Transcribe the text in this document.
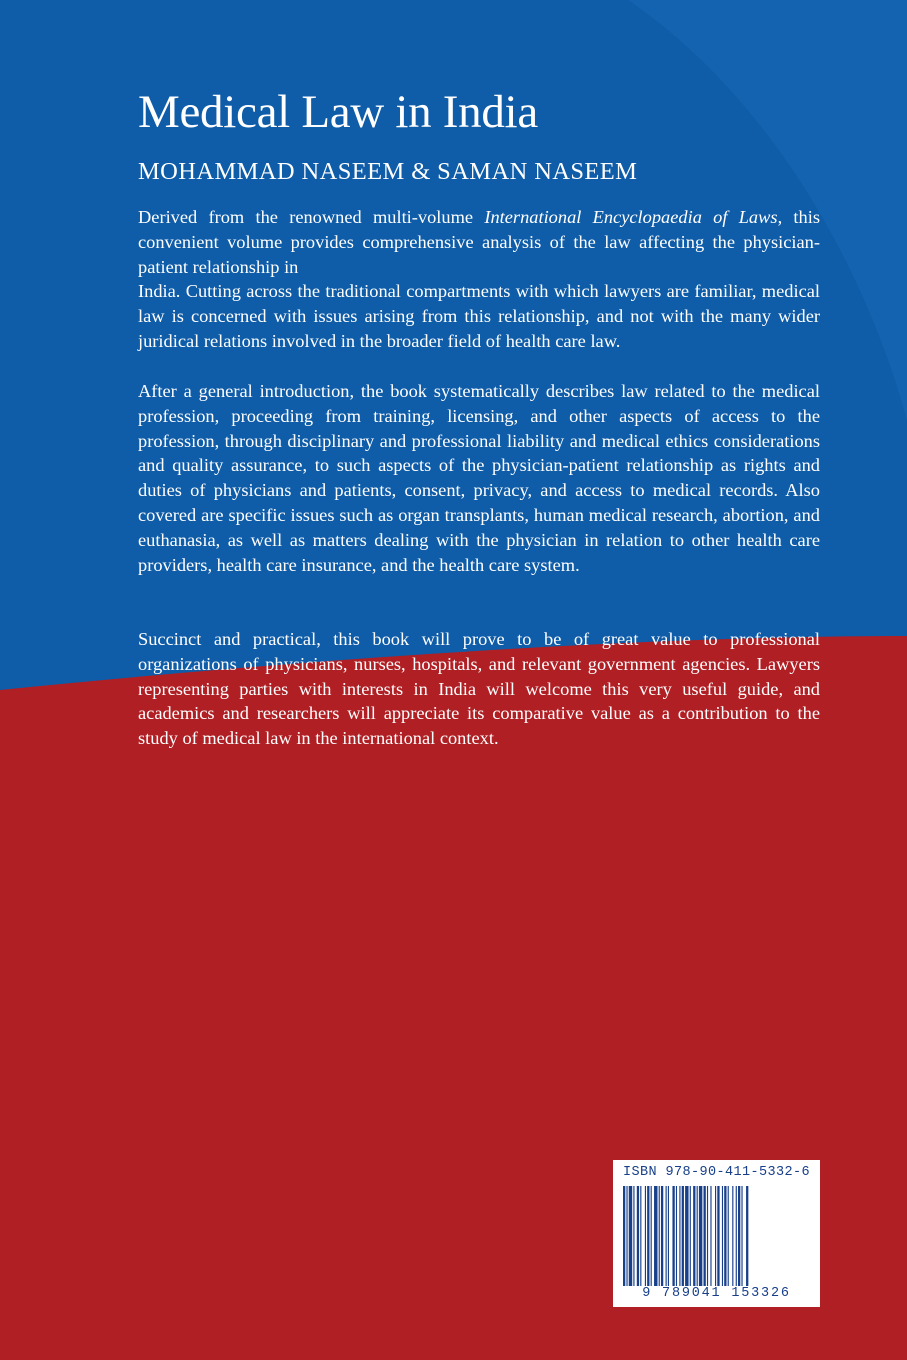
Medical Law in India
MOHAMMAD NASEEM & SAMAN NASEEM

Derived from the renowned multi-volume International Encyclopaedia of Laws, this convenient volume provides comprehensive analysis of the law affecting the physician-patient relationship in
India. Cutting across the traditional compartments with which lawyers are familiar, medical law is concerned with issues arising from this relationship, and not with the many wider juridical relations involved in the broader field of health care law.

After a general introduction, the book systematically describes law related to the medical profession, proceeding from training, licensing, and other aspects of access to the profession, through disciplinary and professional liability and medical ethics considerations and quality assurance, to such aspects of the physician-patient relationship as rights and duties of physicians and patients, consent, privacy, and access to medical records. Also covered are specific issues such as organ transplants, human medical research, abortion, and euthanasia, as well as matters dealing with the physician in relation to other health care providers, health care insurance, and the health care system.

Succinct and practical, this book will prove to be of great value to professional organizations of physicians, nurses, hospitals, and relevant government agencies. Lawyers representing parties with interests in India will welcome this very useful guide, and academics and researchers will appreciate its comparative value as a contribution to the study of medical law in the international context.

ISBN 978-90-411-5332-6
9 789041 153326
